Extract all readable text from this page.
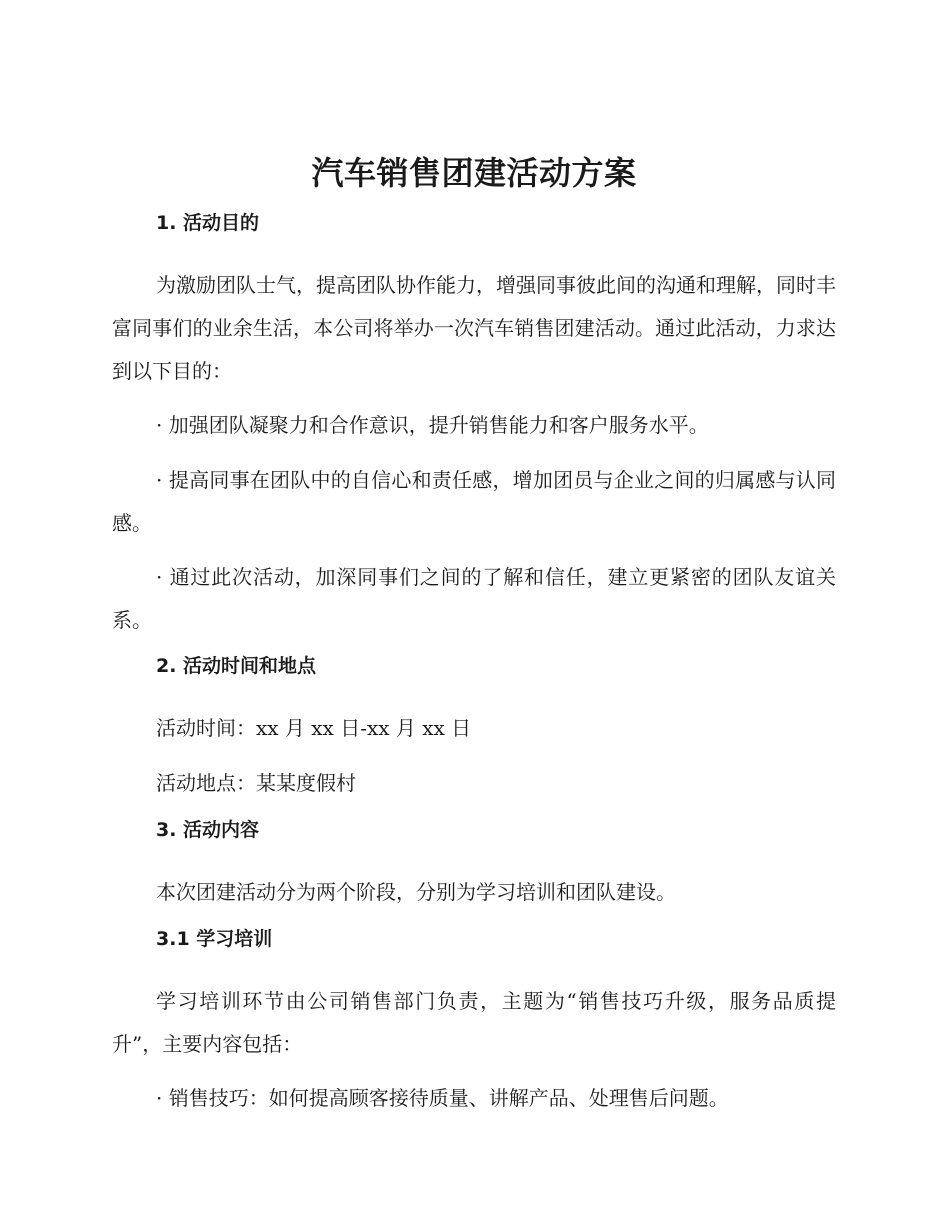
汽车销售团建活动方案
1. 活动目的
为激励团队士气，提高团队协作能力，增强同事彼此间的沟通和理解，同时丰富同事们的业余生活，本公司将举办一次汽车销售团建活动。通过此活动，力求达到以下目的：
· 加强团队凝聚力和合作意识，提升销售能力和客户服务水平。
· 提高同事在团队中的自信心和责任感，增加团员与企业之间的归属感与认同感。
· 通过此次活动，加深同事们之间的了解和信任，建立更紧密的团队友谊关系。
2. 活动时间和地点
活动时间：xx 月 xx 日-xx 月 xx 日
活动地点：某某度假村
3. 活动内容
本次团建活动分为两个阶段，分别为学习培训和团队建设。
3.1 学习培训
学习培训环节由公司销售部门负责，主题为“销售技巧升级，服务品质提升”，主要内容包括：
· 销售技巧：如何提高顾客接待质量、讲解产品、处理售后问题。
